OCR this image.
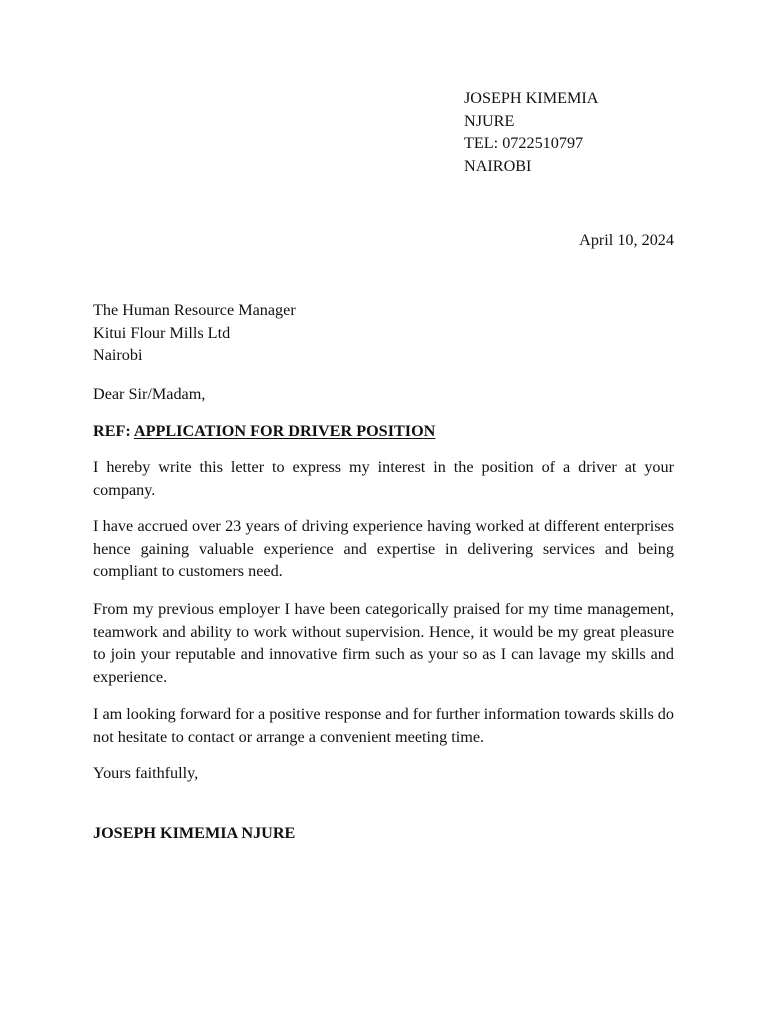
JOSEPH KIMEMIA
NJURE
TEL: 0722510797
NAIROBI
April 10, 2024
The Human Resource Manager
Kitui Flour Mills Ltd
Nairobi
Dear Sir/Madam,
REF: APPLICATION FOR DRIVER POSITION
I hereby write this letter to express my interest in the position of a driver at your company.
I have accrued over 23 years of driving experience having worked at different enterprises hence gaining valuable experience and expertise in delivering services and being compliant to customers need.
From my previous employer I have been categorically praised for my time management, teamwork and ability to work without supervision. Hence, it would be my great pleasure to join your reputable and innovative firm such as your so as I can lavage my skills and experience.
I am looking forward for a positive response and for further information towards skills do not hesitate to contact or arrange a convenient meeting time.
Yours faithfully,
JOSEPH KIMEMIA NJURE
